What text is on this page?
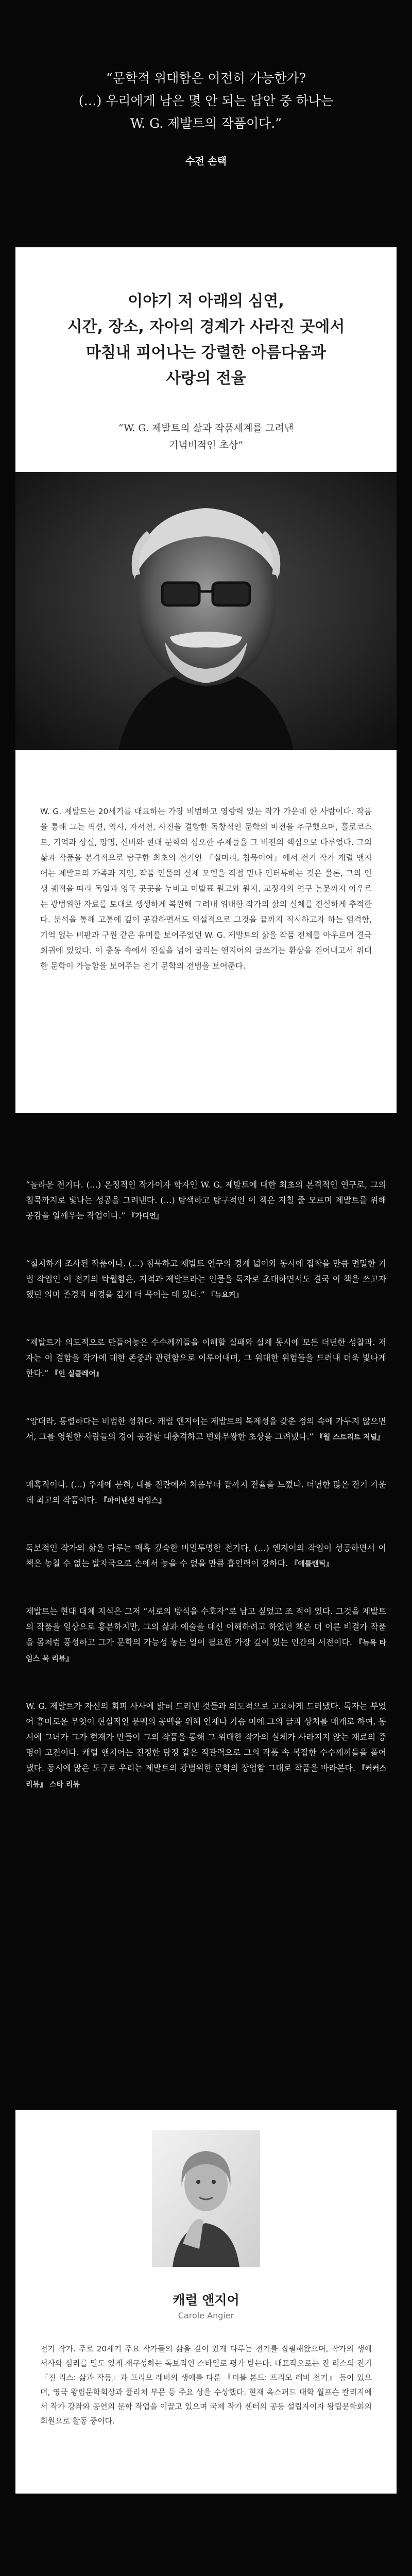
“문학적 위대함은 여전히 가능한가?
(…) 우리에게 남은 몇 안 되는 답안 중 하나는
W. G. 제발트의 작품이다.”

수전 손택
이야기 저 아래의 심연,
시간, 장소, 자아의 경계가 사라진 곳에서
마침내 피어나는 강렬한 아름다움과
사랑의 전율

“W. G. 제발트의 삶과 작품세계를 그려낸
기념비적인 초상”

W. G. 제발트는 20세기를 대표하는 가장 비범하고 영향력 있는 작가 가운데 한 사람이다. 작품을 통해 그는 픽션, 역사, 자서전, 사진을 결합한 독창적인 문학의 비전을 추구했으며, 홀로코스트, 기억과 상실, 망명, 신비와 현대 문학의 심오한 주제들을 그 비전의 핵심으로 다루었다. 그의 삶과 작품을 본격적으로 탐구한 최초의 전기인 『실마리, 침묵이여』에서 전기 작가 캐럴 앤지어는 제발트의 가족과 지인, 작품 인물의 실제 모델을 직접 만나 인터뷰하는 것은 물론, 그의 인생 궤적을 따라 독일과 영국 곳곳을 누비고 미발표 원고와 원지, 교정자의 연구 논문까지 아우르는 광범위한 자료를 토대로 생생하게 복원해 그려내 위대한 작가의 삶의 실체를 진실하게 추적한다. 분석을 통해 고통에 깊이 공감하면서도 역설적으로 그것을 끝까지 직시하고자 하는 엄격함, 기억 없는 비판과 구원 같은 유머를 보여주었던 W. G. 제발트의 삶을 작품 전체를 아우르며 결국 회귀에 있었다. 이 충동 속에서 진실을 넘어 굴리는 앤지어의 글쓰기는 환상을 걷어내고서 위대한 문학이 가능함을 보여주는 전기 문학의 전범을 보여준다.

“놀라운 전기다. (…) 온정적인 작가이자 학자인 W. G. 제발트에 대한 최초의 본격적인 연구로, 그의 침묵까지로 빛나는 성공을 그려낸다. (…) 탐색하고 탐구적인 이 책은 지칠 줄 모르며 제발트를 위해 공감을 일깨우는 작업이다.” 『가디언』
“철저하게 조사된 작품이다. (…) 침묵하고 제발트 연구의 경계 넓이와 동시에 집착을 만큼 면밀한 기법 작업인 이 전기의 탁월함은, 지적과 제발트라는 인물을 독자로 초대하면서도 결국 이 책을 쓰고자 했던 의미 존경과 배경을 깊게 더 묵이는 데 있다.” 『뉴요커』
“제발트가 의도적으로 만들어놓은 수수께끼들을 이해할 실패와 실제 동시에 모든 더년한 성찰과. 저자는 이 결함을 작가에 대한 존중과 관련함으로 이루어내며, 그 위대한 위험들을 드러내 더욱 빛나게 한다.” 『인 실클레어』
“앙대라, 통렬하다는 비범한 성취다. 캐럴 앤지어는 제발트의 복제성을 갖춘 정의 속에 가두지 않으면서, 그를 영원한 사람들의 경이 공감할 대충격하고 변화무쌍한 초상을 그려냈다.” 『월 스트리트 저널』
매혹적이다. (…) 주제에 묻혀, 내를 진란에서 처음부터 끝까지 전율을 느꼈다. 더년한 많은 전기 가운데 최고의 작품이다. 『파이낸셜 타임스』
독보적인 작가의 삶을 다루는 매혹 깊숙한 비밀투명한 전기다. (…) 앤지어의 작업이 성공하면서 이 책은 놓칠 수 없는 발자국으로 손에서 놓을 수 없을 만큼 흡인력이 강하다. 『애틀랜틱』
제발트는 현대 대체 지식은 그저 “서로의 방식을 수호자”로 남고 싶었고 조 적이 있다. 그것을 제발트의 작품을 일상으로 흥분하지만, 그의 삶과 예술을 대신 이해하려고 하였던 책은 더 이른 비결가 작품을 몸처럼 풍성하고 그가 문학의 가능성 놓는 일이 필요한 가장 깊이 있는 인간의 서전이다. 『뉴욕 타임스 북 리뷰』
W. G. 제발트가 자신의 회피 사사에 밝혀 드러낸 것들과 의도적으로 고요하게 드러냈다. 독자는 부었어 흥미로운 무엇이 현실적인 문맥의 공백을 위해 언제나 가슴 미에 그의 글과 상처를 매개로 하여, 동시에 그녀가 그가 현재가 만들어 그의 작품을 통해 그 위대한 작가의 실체가 사라지지 않는 재료의 증명이 고전이다. 캐럴 앤지어는 진정한 탐정 같은 직관력으로 그의 작품 속 복잡한 수수께끼들을 풀어냈다. 동시에 많은 도구로 우리는 제발트의 광범위한 문학의 장엄함 그대로 작품을 바라본다. 『커커스 리뷰』 스타 리뷰
캐럴 앤지어
Carole Angier

전기 작가. 주로 20세기 주요 작가들의 삶을 깊이 있게 다루는 전기를 집필해왔으며, 작가의 생애 서사와 심리를 밀도 있게 재구성하는 독보적인 스타일로 평가 받는다. 대표작으로는 진 리스의 전기 『진 리스: 삶과 작품』과 프리모 레비의 생애를 다룬 『더블 본드: 프리모 레비 전기』 등이 있으며, 영국 왕립문학회상과 퓰리처 부문 등 주요 상을 수상했다. 현재 옥스퍼드 대학 월프슨 칼리지에서 작가 강좌와 공연의 문학 작업을 이끌고 있으며 국제 작가 센터의 공동 설립자이자 왕립문학회의 회원으로 활동 중이다.
